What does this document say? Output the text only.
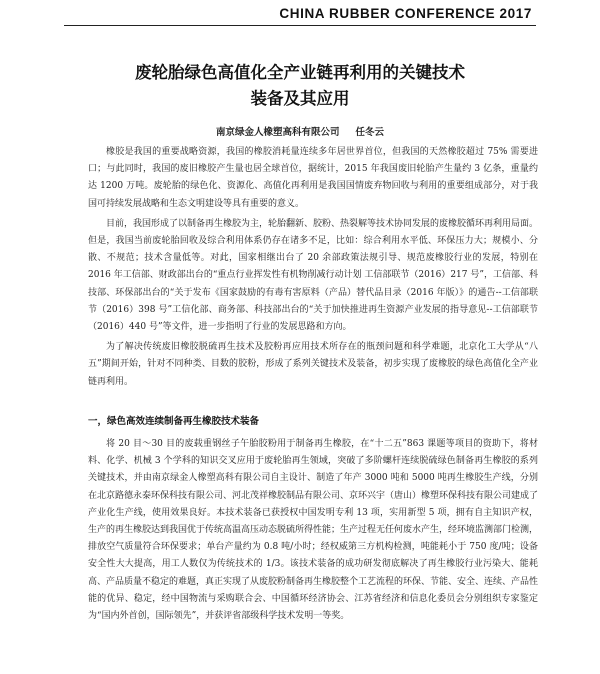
CHINA RUBBER CONFERENCE 2017
废轮胎绿色高值化全产业链再利用的关键技术
装备及其应用
南京绿金人橡塑高科有限公司 任冬云

橡胶是我国的重要战略资源，我国的橡胶消耗量连续多年居世界首位，但我国的天然橡胶超过 75% 需要进口；与此同时，我国的废旧橡胶产生量也居全球首位，据统计，2015 年我国废旧轮胎产生量约 3 亿条，重量约达 1200 万吨。废轮胎的绿色化、资源化、高值化再利用是我国国情废弃物回收与利用的重要组成部分，对于我国可持续发展战略和生态文明建设等具有重要的意义。

目前，我国形成了以制备再生橡胶为主，轮胎翻新、胶粉、热裂解等技术协同发展的废橡胶循环再利用局面。但是，我国当前废轮胎回收及综合利用体系仍存在诸多不足，比如：综合利用水平低、环保压力大；规模小、分散、不规范；技术含量低等。对此，国家相继出台了 20 余部政策法规引导、规范废橡胶行业的发展，特别在 2016 年工信部、财政部出台的“重点行业挥发性有机物削减行动计划 工信部联节（2016）217 号”，工信部、科技部、环保部出台的“关于发布《国家鼓励的有毒有害原料（产品）替代品目录（2016 年版）》的通告--工信部联节（2016）398 号”工信化部、商务部、科技部出台的“关于加快推进再生资源产业发展的指导意见--工信部联节（2016）440 号”等文件，进一步指明了行业的发展思路和方向。

为了解决传统废旧橡胶脱硫再生技术及胶粉再应用技术所存在的瓶颈问题和科学难题，北京化工大学从“八五”期间开始，针对不同种类、目数的胶粉，形成了系列关键技术及装备，初步实现了废橡胶的绿色高值化全产业链再利用。

一，绿色高效连续制备再生橡胶技术装备

将 20 目～30 目的废载重钢丝子午胎胶粉用于制备再生橡胶，在“十二五”863 课题等项目的资助下，将材料、化学、机械 3 个学科的知识交叉应用于废轮胎再生领域，突破了多阶螺杆连续脱硫绿色制备再生橡胶的系列关键技术，并由南京绿金人橡塑高科有限公司自主设计、制造了年产 3000 吨和 5000 吨再生橡胶生产线，分别在北京路德永泰环保科技有限公司、河北茂祥橡胶制品有限公司、京环兴宇（唐山）橡塑环保科技有限公司建成了产业化生产线，使用效果良好。本技术装备已获授权中国发明专利 13 项，实用新型 5 项，拥有自主知识产权，生产的再生橡胶达到我国优于传统高温高压动态脱硫所得性能；生产过程无任何废水产生，经环境监测部门检测，排放空气质量符合环保要求；单台产量约为 0.8 吨/小时；经权威第三方机构检测，吨能耗小于 750 度/吨；设备安全性大大提高，用工人数仅为传统技术的 1/3。该技术装备的成功研发彻底解决了再生橡胶行业污染大、能耗高、产品质量不稳定的难题，真正实现了从废胶粉制备再生橡胶整个工艺流程的环保、节能、安全、连续、产品性能的优异、稳定，经中国物流与采购联合会、中国循环经济协会、江苏省经济和信息化委员会分别组织专家鉴定为“国内外首创，国际领先”，并获评省部级科学技术发明一等奖。
